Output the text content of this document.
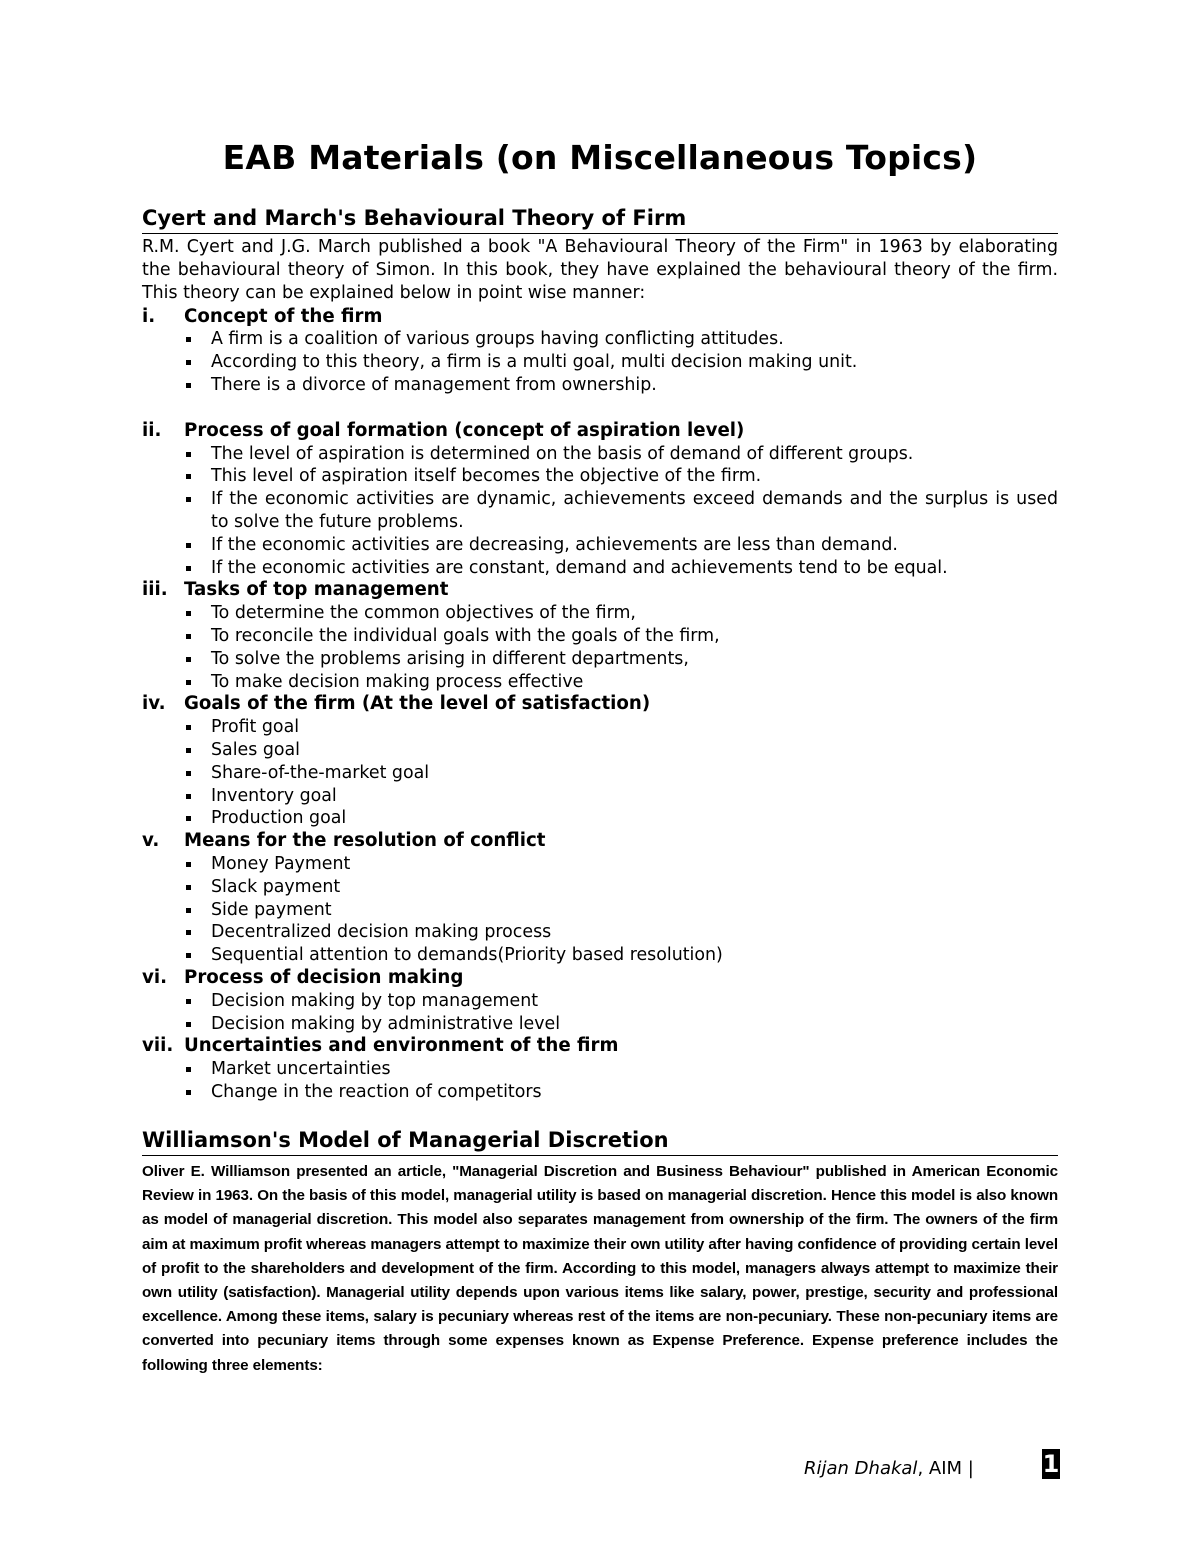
EAB Materials (on Miscellaneous Topics)
Cyert and March's Behavioural Theory of Firm
R.M. Cyert and J.G. March published a book "A Behavioural Theory of the Firm" in 1963 by elaborating the behavioural theory of Simon. In this book, they have explained the behavioural theory of the firm. This theory can be explained below in point wise manner:
i. Concept of the firm
A firm is a coalition of various groups having conflicting attitudes.
According to this theory, a firm is a multi goal, multi decision making unit.
There is a divorce of management from ownership.
ii. Process of goal formation (concept of aspiration level)
The level of aspiration is determined on the basis of demand of different groups.
This level of aspiration itself becomes the objective of the firm.
If the economic activities are dynamic, achievements exceed demands and the surplus is used to solve the future problems.
If the economic activities are decreasing, achievements are less than demand.
If the economic activities are constant, demand and achievements tend to be equal.
iii. Tasks of top management
To determine the common objectives of the firm,
To reconcile the individual goals with the goals of the firm,
To solve the problems arising in different departments,
To make decision making process effective
iv. Goals of the firm (At the level of satisfaction)
Profit goal
Sales goal
Share-of-the-market goal
Inventory goal
Production goal
v. Means for the resolution of conflict
Money Payment
Slack payment
Side payment
Decentralized decision making process
Sequential attention to demands(Priority based resolution)
vi. Process of decision making
Decision making by top management
Decision making by administrative level
vii. Uncertainties and environment of the firm
Market uncertainties
Change in the reaction of competitors
Williamson's Model of Managerial Discretion
Oliver E. Williamson presented an article, "Managerial Discretion and Business Behaviour" published in American Economic Review in 1963. On the basis of this model, managerial utility is based on managerial discretion. Hence this model is also known as model of managerial discretion. This model also separates management from ownership of the firm. The owners of the firm aim at maximum profit whereas managers attempt to maximize their own utility after having confidence of providing certain level of profit to the shareholders and development of the firm. According to this model, managers always attempt to maximize their own utility (satisfaction). Managerial utility depends upon various items like salary, power, prestige, security and professional excellence. Among these items, salary is pecuniary whereas rest of the items are non-pecuniary. These non-pecuniary items are converted into pecuniary items through some expenses known as Expense Preference. Expense preference includes the following three elements:
Rijan Dhakal, AIM |	1
